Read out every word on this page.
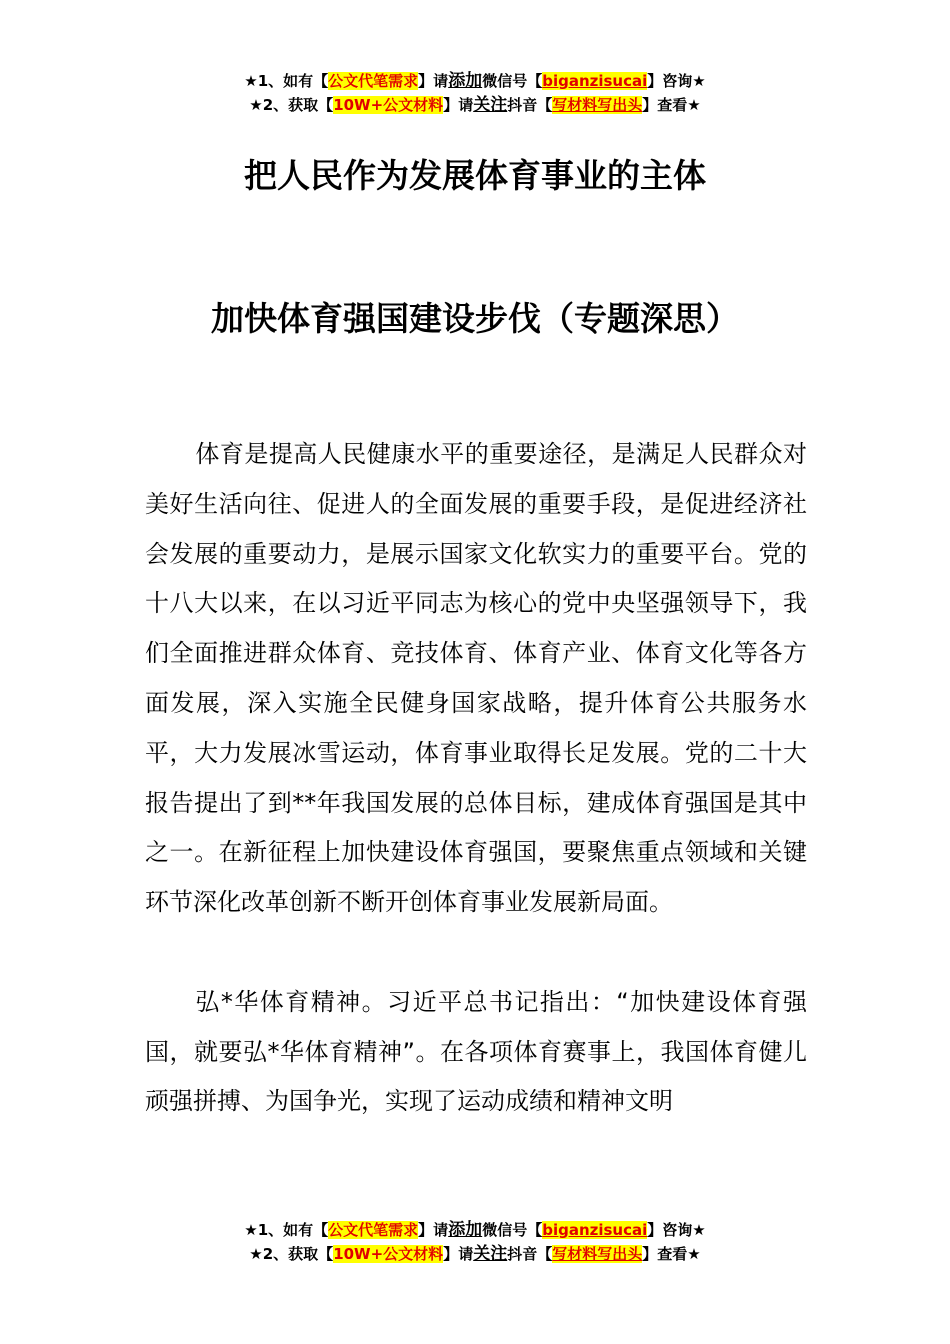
★1、如有【公文代笔需求】请添加微信号【biganzisucai】咨询★
★2、获取【10W+公文材料】请关注抖音【写材料写出头】查看★
把人民作为发展体育事业的主体
加快体育强国建设步伐（专题深思）

体育是提高人民健康水平的重要途径，是满足人民群众对美好生活向往、促进人的全面发展的重要手段，是促进经济社会发展的重要动力，是展示国家文化软实力的重要平台。党的十八大以来，在以习近平同志为核心的党中央坚强领导下，我们全面推进群众体育、竞技体育、体育产业、体育文化等各方面发展，深入实施全民健身国家战略，提升体育公共服务水平，大力发展冰雪运动，体育事业取得长足发展。党的二十大报告提出了到**年我国发展的总体目标，建成体育强国是其中之一。在新征程上加快建设体育强国，要聚焦重点领域和关键环节深化改革创新不断开创体育事业发展新局面。

弘*华体育精神。习近平总书记指出：“加快建设体育强国，就要弘*华体育精神”。在各项体育赛事上，我国体育健儿顽强拼搏、为国争光，实现了运动成绩和精神文明

★1、如有【公文代笔需求】请添加微信号【biganzisucai】咨询★
★2、获取【10W+公文材料】请关注抖音【写材料写出头】查看★
